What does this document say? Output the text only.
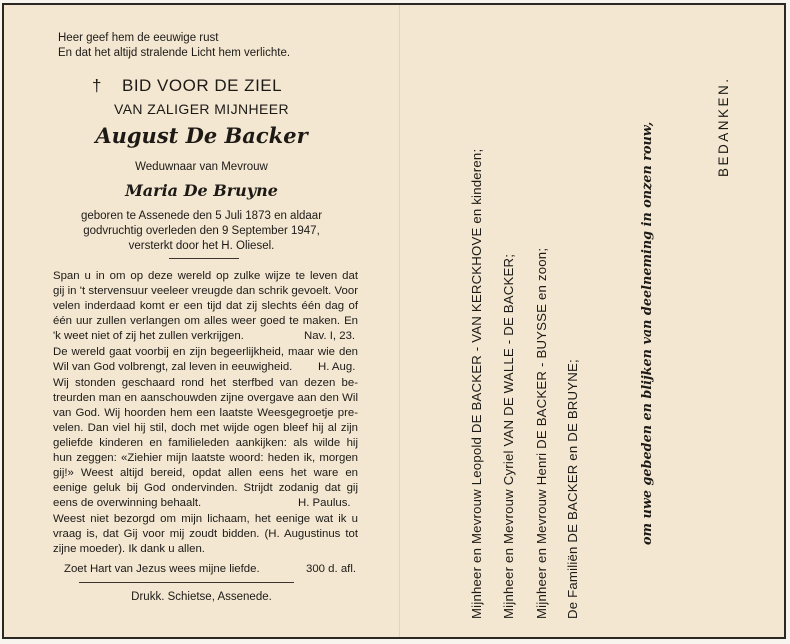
Heer geef hem de eeuwige rust
En dat het altijd stralende Licht hem verlichte.
† BID VOOR DE ZIEL
VAN ZALIGER MIJNHEER
August De Backer
Weduwnaar van Mevrouw
Maria De Bruyne
geboren te Assenede den 5 Juli 1873 en aldaar
godvruchtig overleden den 9 September 1947,
versterkt door het H. Oliesel.
Span u in om op deze wereld op zulke wijze te leven dat
gij in 't stervensuur veeleer vreugde dan schrik gevoelt. Voor
velen inderdaad komt er een tijd dat zij slechts één dag of
één uur zullen verlangen om alles weer goed te maken. En
'k weet niet of zij het zullen verkrijgen.	Nav. I, 23.
De wereld gaat voorbij en zijn begeerlijkheid, maar wie den
Wil van God volbrengt, zal leven in eeuwigheid. H. Aug.
Wij stonden geschaard rond het sterfbed van dezen be-
treurden man en aanschouwden zijne overgave aan den Wil
van God. Wij hoorden hem een laatste Weesgegroetje pre-
velen. Dan viel hij stil, doch met wijde ogen bleef hij al zijn
geliefde kinderen en familieleden aankijken: als wilde hij
hun zeggen: «Ziehier mijn laatste woord: heden ik, morgen
gij!» Weest altijd bereid, opdat allen eens het ware en
eenige geluk bij God ondervinden. Strijdt zodanig dat gij
eens de overwinning behaalt.	H. Paulus.
Weest niet bezorgd om mijn lichaam, het eenige wat ik u
vraag is, dat Gij voor mij zoudt bidden. (H. Augustinus tot
zijne moeder). Ik dank u allen.
Zoet Hart van Jezus wees mijne liefde.	300 d. afl.
Drukk. Schietse, Assenede.	Mijnheer en Mevrouw Leopold DE BACKER - VAN KERCKHOVE en kinderen; Mijnheer en Mevrouw Cyriel VAN DE WALLE - DE BACKER; Mijnheer en Mevrouw Henri DE BACKER - BUYSSE en zoon; De Familiën DE BACKER en DE BRUYNE;	om uwe gebeden en blijken van deelneming in onzen rouw,	BEDANKEN.
